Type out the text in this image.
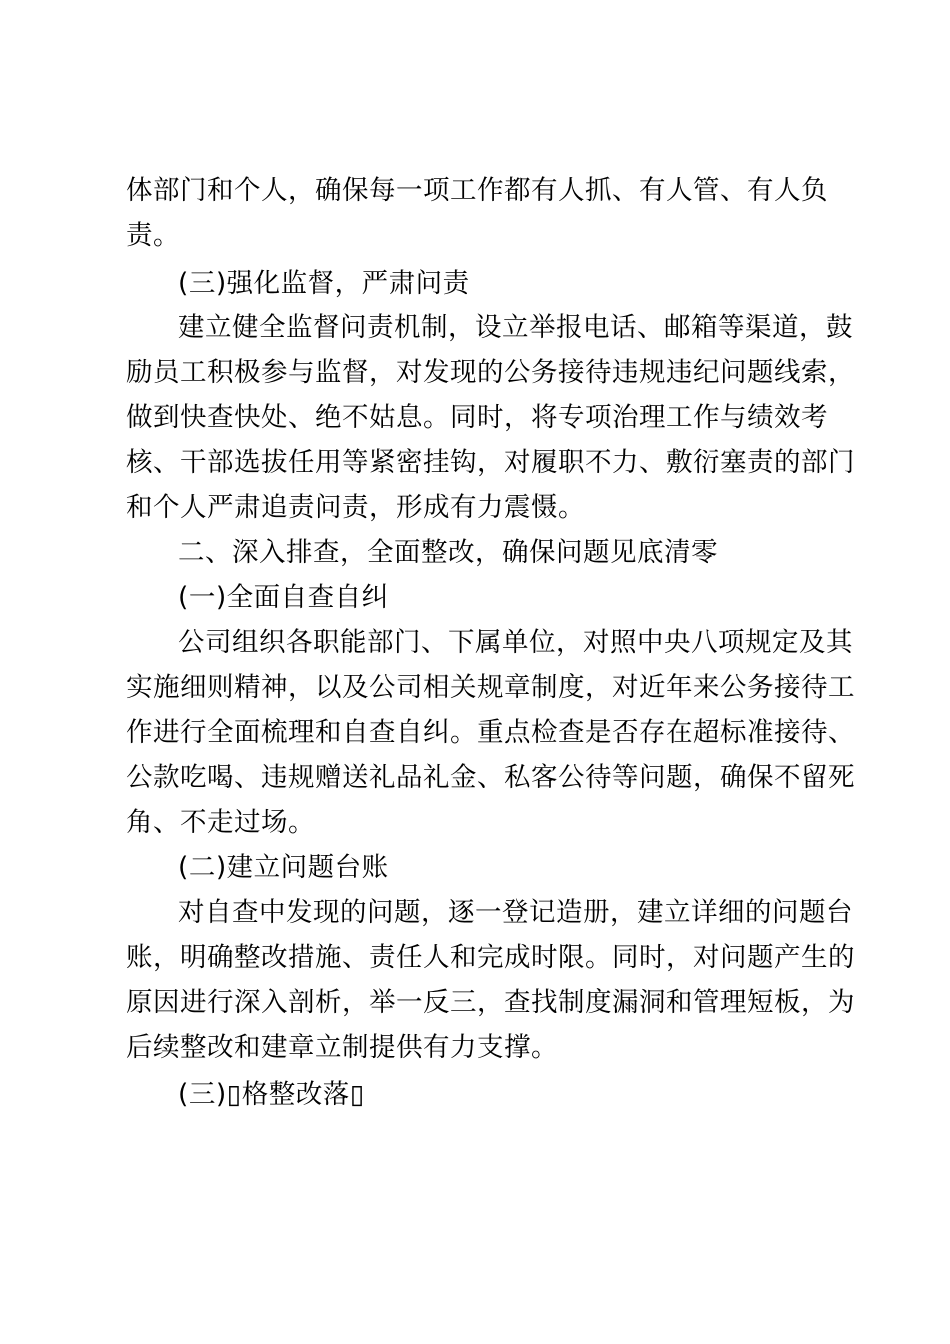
体部门和个人，确保每一项工作都有人抓、有人管、有人负
责。
(三)强化监督，严肃问责
建立健全监督问责机制，设立举报电话、邮箱等渠道，鼓
励员工积极参与监督，对发现的公务接待违规违纪问题线索，
做到快查快处、绝不姑息。同时，将专项治理工作与绩效考
核、干部选拔任用等紧密挂钩，对履职不力、敷衍塞责的部门
和个人严肃追责问责，形成有力震慑。
二、深入排查，全面整改，确保问题见底清零
(一)全面自查自纠
公司组织各职能部门、下属单位，对照中央八项规定及其
实施细则精神，以及公司相关规章制度，对近年来公务接待工
作进行全面梳理和自查自纠。重点检查是否存在超标准接待、
公款吃喝、违规赠送礼品礼金、私客公待等问题，确保不留死
角、不走过场。
(二)建立问题台账
对自查中发现的问题，逐一登记造册，建立详细的问题台
账，明确整改措施、责任人和完成时限。同时，对问题产生的
原因进行深入剖析，举一反三，查找制度漏洞和管理短板，为
后续整改和建章立制提供有力支撑。
(三)▯格整改落▯
